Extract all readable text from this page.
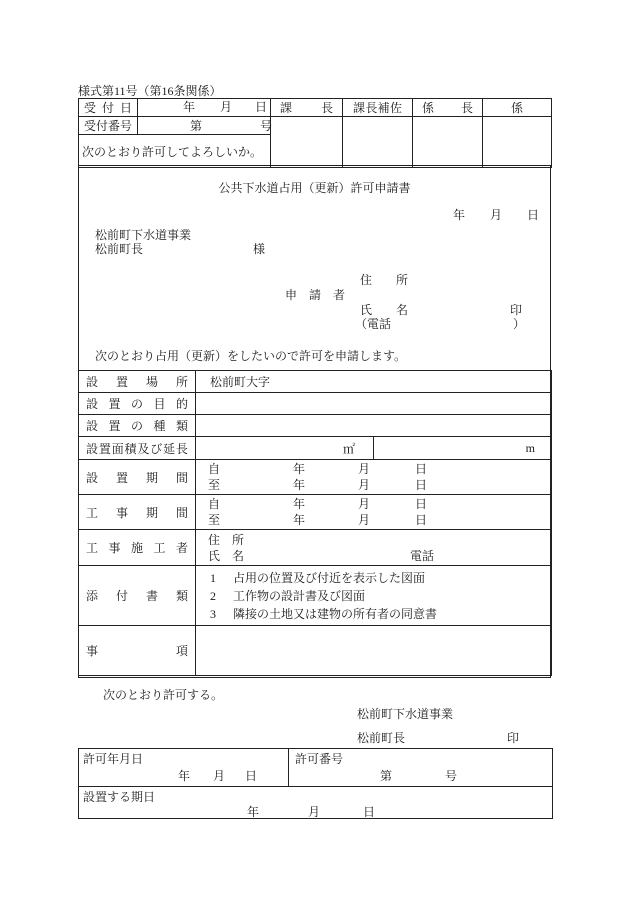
様式第11号（第16条関係）
受 付 日	年 月 日	課 長	課 長 補 佐	係 長	係

受 付 番 号	第 号				

次のとおり許可してよろしいか。					
公共下水道占用（更新）許可申請書
年 月 日
松前町下水道事業
松前町長	様
住　　所
申　請　者
氏　　名	印
（電話	）
次のとおり占用（更新）をしたいので許可を申請します。
設 置 場 所	松前町大字	

設 置 の 目 的		

設 置 の 種 類		

設 置 面 積 及 び 延 長	㎡	m

設 置 期 間

自	年	月	日
至	年	月	日

工 事 期 間

自	年	月	日
至	年	月	日

工 事 施 工 者

住　所
氏　名	電話

添 付 書 類

1 占用の位置及び付近を表示した図面
2 工作物の設計書及び図面
3 隣接の土地又は建物の所有者の同意書

事 項		

次のとおり許可する。
松前町下水道事業
松前町長	印
許可年月日
年 月 日

許可番号
第	号

設置する期日
年	月	日
